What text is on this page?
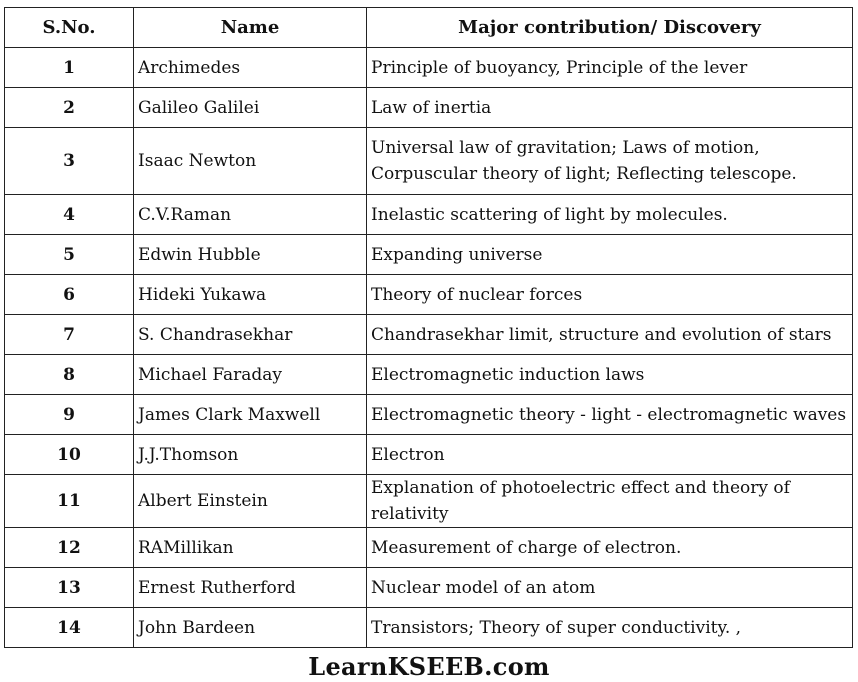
S.No.	Name	Major contribution/ Discovery
1	Archimedes	Principle of buoyancy, Principle of the lever
2	Galileo Galilei	Law of inertia
3	Isaac Newton	Universal law of gravitation; Laws of motion, Corpuscular theory of light; Reflecting telescope.
4	C.V.Raman	Inelastic scattering of light by molecules.
5	Edwin Hubble	Expanding universe
6	Hideki Yukawa	Theory of nuclear forces
7	S. Chandrasekhar	Chandrasekhar limit, structure and evolution of stars
8	Michael Faraday	Electromagnetic induction laws
9	James Clark Maxwell	Electromagnetic theory - light - electromagnetic waves
10	J.J.Thomson	Electron
11	Albert Einstein	Explanation of photoelectric effect and theory of relativity
12	RAMillikan	Measurement of charge of electron.
13	Ernest Rutherford	Nuclear model of an atom
14	John Bardeen	Transistors; Theory of super conductivity. ,
LearnKSEEB.com
